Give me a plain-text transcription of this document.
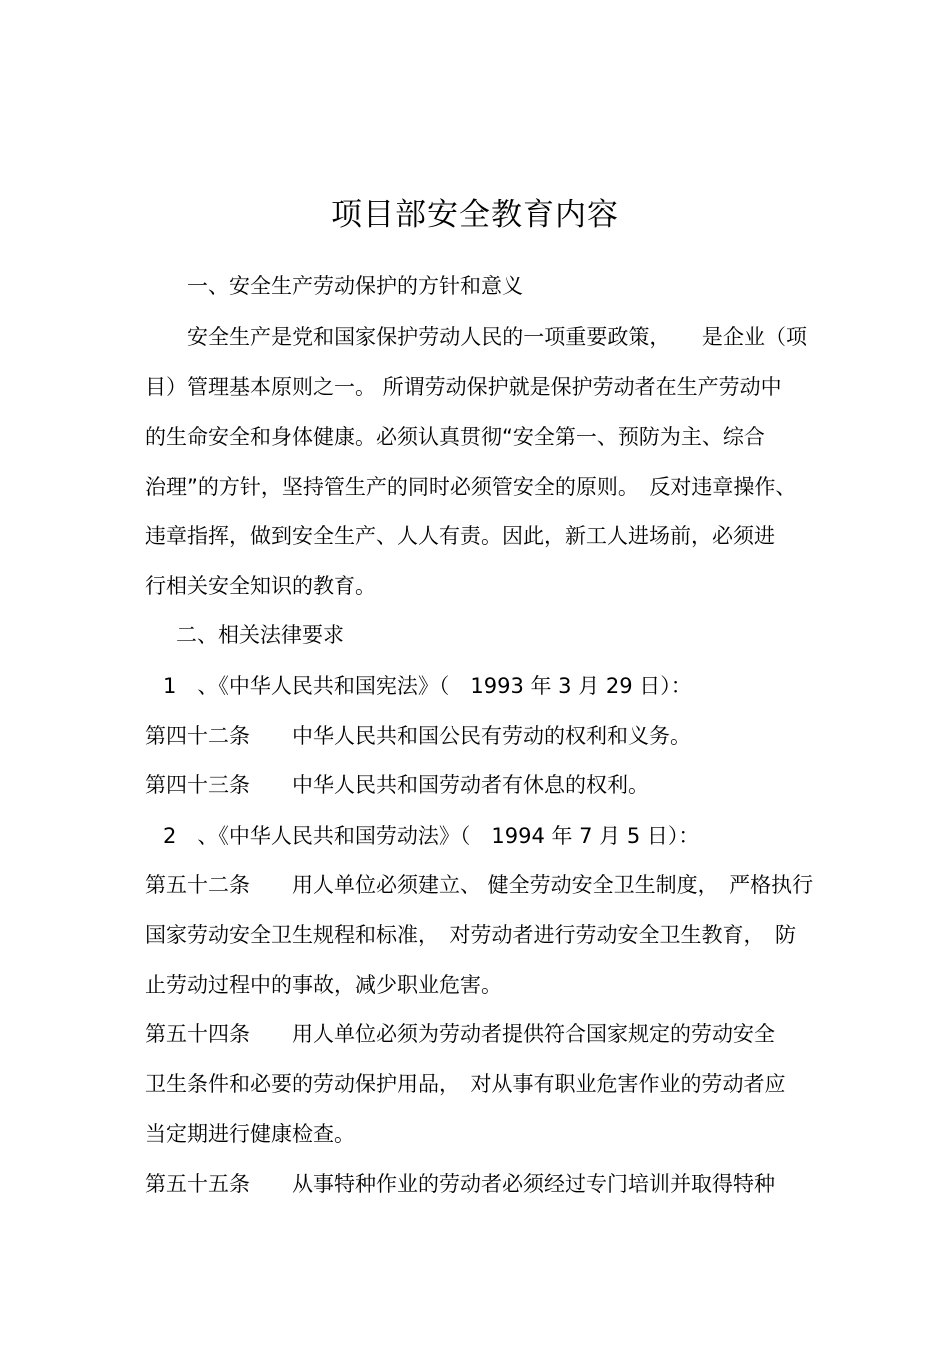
项目部安全教育内容
一、安全生产劳动保护的方针和意义
安全生产是党和国家保护劳动人民的一项重要政策，　　是企业（项
目）管理基本原则之一。 所谓劳动保护就是保护劳动者在生产劳动中
的生命安全和身体健康。必须认真贯彻“安全第一、预防为主、综合
治理”的方针，坚持管生产的同时必须管安全的原则。　反对违章操作、
违章指挥，做到安全生产、人人有责。因此，新工人进场前，必须进
行相关安全知识的教育。
二、相关法律要求
1　、《中华人民共和国宪法》（　1993 年 3 月 29 日）：
第四十二条　　中华人民共和国公民有劳动的权利和义务。
第四十三条　　中华人民共和国劳动者有休息的权利。
2　、《中华人民共和国劳动法》（　1994 年 7 月 5 日）：
第五十二条　　用人单位必须建立、 健全劳动安全卫生制度，　严格执行
国家劳动安全卫生规程和标准，　对劳动者进行劳动安全卫生教育，　防
止劳动过程中的事故，减少职业危害。
第五十四条　　用人单位必须为劳动者提供符合国家规定的劳动安全
卫生条件和必要的劳动保护用品，　对从事有职业危害作业的劳动者应
当定期进行健康检查。
第五十五条　　从事特种作业的劳动者必须经过专门培训并取得特种
